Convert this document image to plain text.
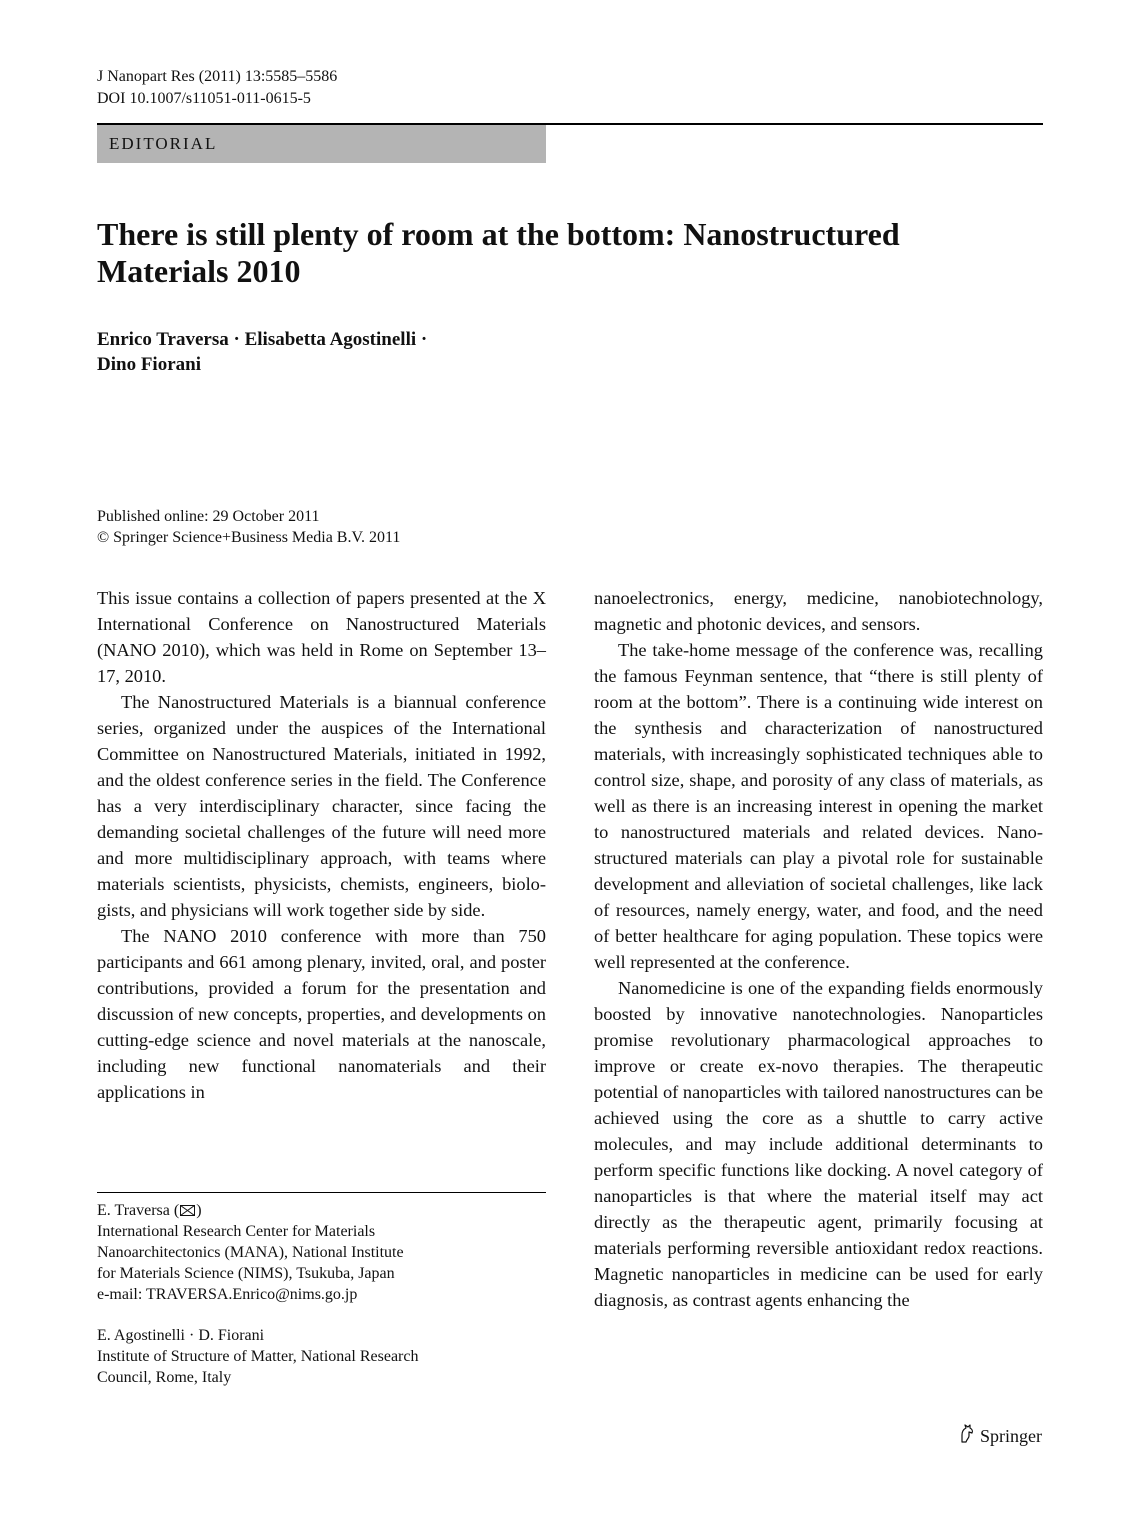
J Nanopart Res (2011) 13:5585–5586
DOI 10.1007/s11051-011-0615-5
EDITORIAL
There is still plenty of room at the bottom: Nanostructured Materials 2010
Enrico Traversa · Elisabetta Agostinelli ·
Dino Fiorani
Published online: 29 October 2011
© Springer Science+Business Media B.V. 2011

This issue contains a collection of papers presented at the X International Conference on Nanostructured Materials (NANO 2010), which was held in Rome on September 13–17, 2010.

The Nanostructured Materials is a biannual conference series, organized under the auspices of the International Committee on Nanostructured Materials, initiated in 1992, and the oldest conference series in the field. The Conference has a very interdisciplinary character, since facing the demanding societal challenges of the future will need more and more multidisciplinary approach, with teams where materials scientists, physicists, chemists, engineers, biologists, and physicians will work together side by side.

The NANO 2010 conference with more than 750 participants and 661 among plenary, invited, oral, and poster contributions, provided a forum for the presentation and discussion of new concepts, properties, and developments on cutting-edge science and novel materials at the nanoscale, including new functional nanomaterials and their applications in

nanoelectronics, energy, medicine, nanobiotechnology, magnetic and photonic devices, and sensors.

The take-home message of the conference was, recalling the famous Feynman sentence, that “there is still plenty of room at the bottom”. There is a continuing wide interest on the synthesis and characterization of nanostructured materials, with increasingly sophisticated techniques able to control size, shape, and porosity of any class of materials, as well as there is an increasing interest in opening the market to nanostructured materials and related devices. Nanostructured materials can play a pivotal role for sustainable development and alleviation of societal challenges, like lack of resources, namely energy, water, and food, and the need of better healthcare for aging population. These topics were well represented at the conference.

Nanomedicine is one of the expanding fields enormously boosted by innovative nanotechnologies. Nanoparticles promise revolutionary pharmacological approaches to improve or create ex-novo therapies. The therapeutic potential of nanoparticles with tailored nanostructures can be achieved using the core as a shuttle to carry active molecules, and may include additional determinants to perform specific functions like docking. A novel category of nanoparticles is that where the material itself may act directly as the therapeutic agent, primarily focusing at materials performing reversible antioxidant redox reactions. Magnetic nanoparticles in medicine can be used for early diagnosis, as contrast agents enhancing the

E. Traversa ( )

International Research Center for Materials

Nanoarchitectonics (MANA), National Institute

for Materials Science (NIMS), Tsukuba, Japan

e-mail: TRAVERSA.Enrico@nims.go.jp

E. Agostinelli · D. Fiorani

Institute of Structure of Matter, National Research

Council, Rome, Italy

Springer
